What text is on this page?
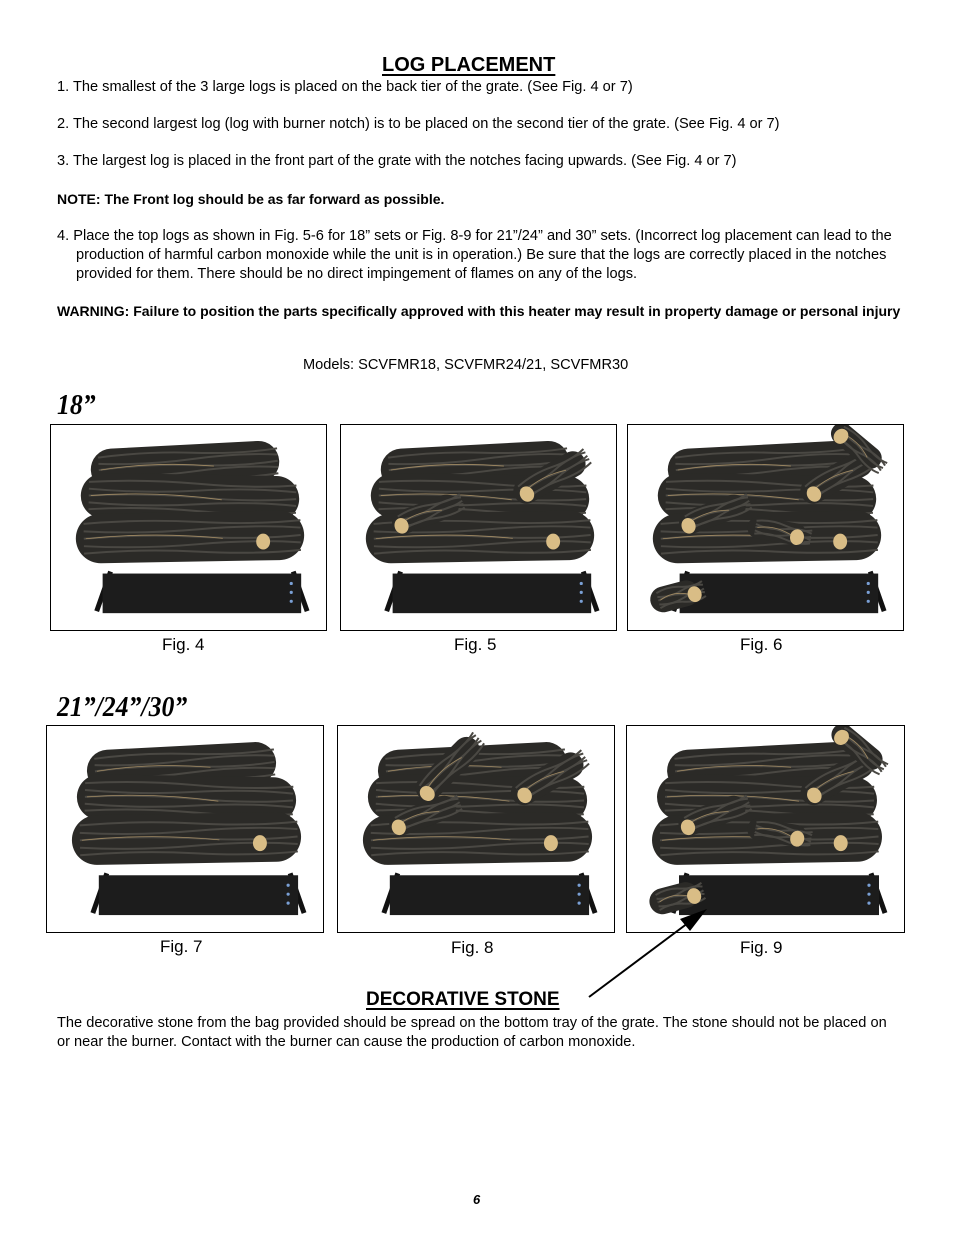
LOG PLACEMENT
1. The smallest of the 3 large logs is placed on the back tier of the grate. (See Fig. 4 or 7)
2. The second largest log (log with burner notch) is to be placed on the second tier of the grate. (See Fig. 4 or 7)
3. The largest log is placed in the front part of the grate with the notches facing upwards. (See Fig. 4 or 7)
NOTE: The Front log should be as far forward as possible.
4. Place the top logs as shown in Fig. 5-6 for 18” sets or Fig. 8-9 for 21”/24” and 30” sets. (Incorrect log placement can lead to the production of harmful carbon monoxide while the unit is in operation.) Be sure that the logs are correctly placed in the notches provided for them. There should be no direct impingement of flames on any of the logs.
WARNING: Failure to position the parts specifically approved with this heater may result in property damage or personal injury
Models: SCVFMR18, SCVFMR24/21, SCVFMR30
18”
Fig. 4	Fig. 5	Fig. 6
21”/24”/30”
Fig. 7	Fig. 8	Fig. 9
DECORATIVE STONE
The decorative stone from the bag provided should be spread on the bottom tray of the grate. The stone should not be placed on or near the burner. Contact with the burner can cause the production of carbon monoxide.
6
